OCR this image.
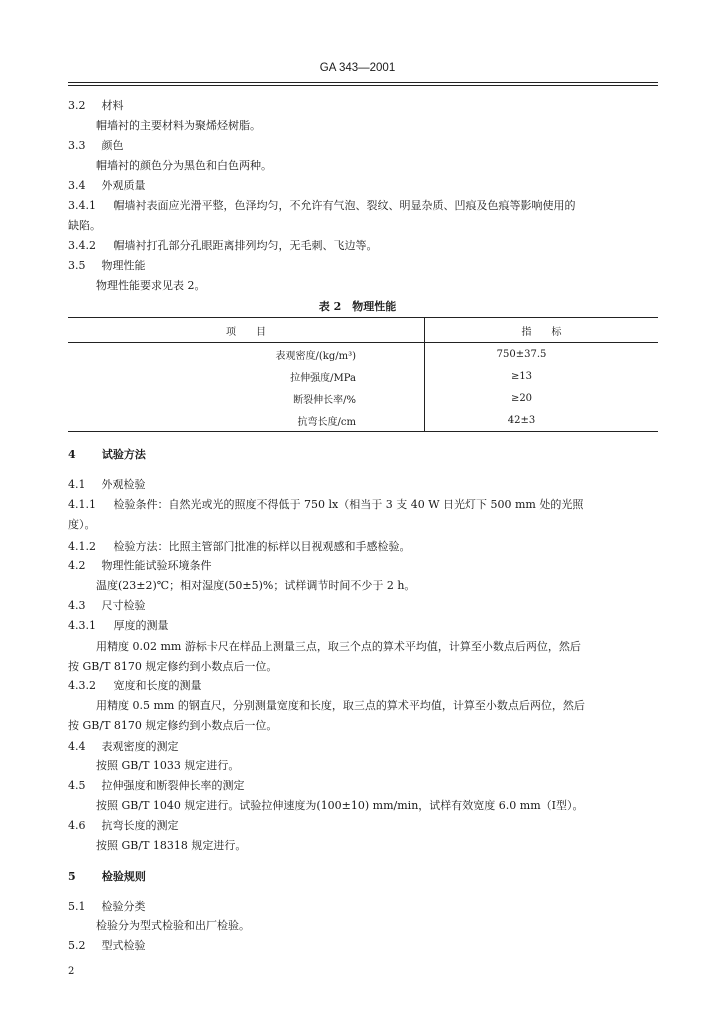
GA 343—2001
3.2 材料
帽墙衬的主要材料为聚烯烃树脂。
3.3 颜色
帽墙衬的颜色分为黑色和白色两种。
3.4 外观质量
3.4.1 帽墙衬表面应光滑平整，色泽均匀，不允许有气泡、裂纹、明显杂质、凹痕及色痕等影响使用的
缺陷。
3.4.2 帽墙衬打孔部分孔眼距离排列均匀，无毛刺、飞边等。
3.5 物理性能
物理性能要求见表 2。
表 2　物理性能
项　　目	指　　标
表观密度/(kg/m³)	750±37.5
拉伸强度/MPa	≥13
断裂伸长率/%	≥20
抗弯长度/cm	42±3
4 试验方法
4.1 外观检验
4.1.1 检验条件：自然光或光的照度不得低于 750 lx（相当于 3 支 40 W 日光灯下 500 mm 处的光照
度）。
4.1.2 检验方法：比照主管部门批准的标样以目视观感和手感检验。
4.2 物理性能试验环境条件
温度(23±2)℃；相对湿度(50±5)%；试样调节时间不少于 2 h。
4.3 尺寸检验
4.3.1 厚度的测量
用精度 0.02 mm 游标卡尺在样品上测量三点，取三个点的算术平均值，计算至小数点后两位，然后
按 GB/T 8170 规定修约到小数点后一位。
4.3.2 宽度和长度的测量
用精度 0.5 mm 的钢直尺，分别测量宽度和长度，取三点的算术平均值，计算至小数点后两位，然后
按 GB/T 8170 规定修约到小数点后一位。
4.4 表观密度的测定
按照 GB/T 1033 规定进行。
4.5 拉伸强度和断裂伸长率的测定
按照 GB/T 1040 规定进行。试验拉伸速度为(100±10) mm/min，试样有效宽度 6.0 mm（Ⅰ型）。
4.6 抗弯长度的测定
按照 GB/T 18318 规定进行。
5 检验规则
5.1 检验分类
检验分为型式检验和出厂检验。
5.2 型式检验
2
